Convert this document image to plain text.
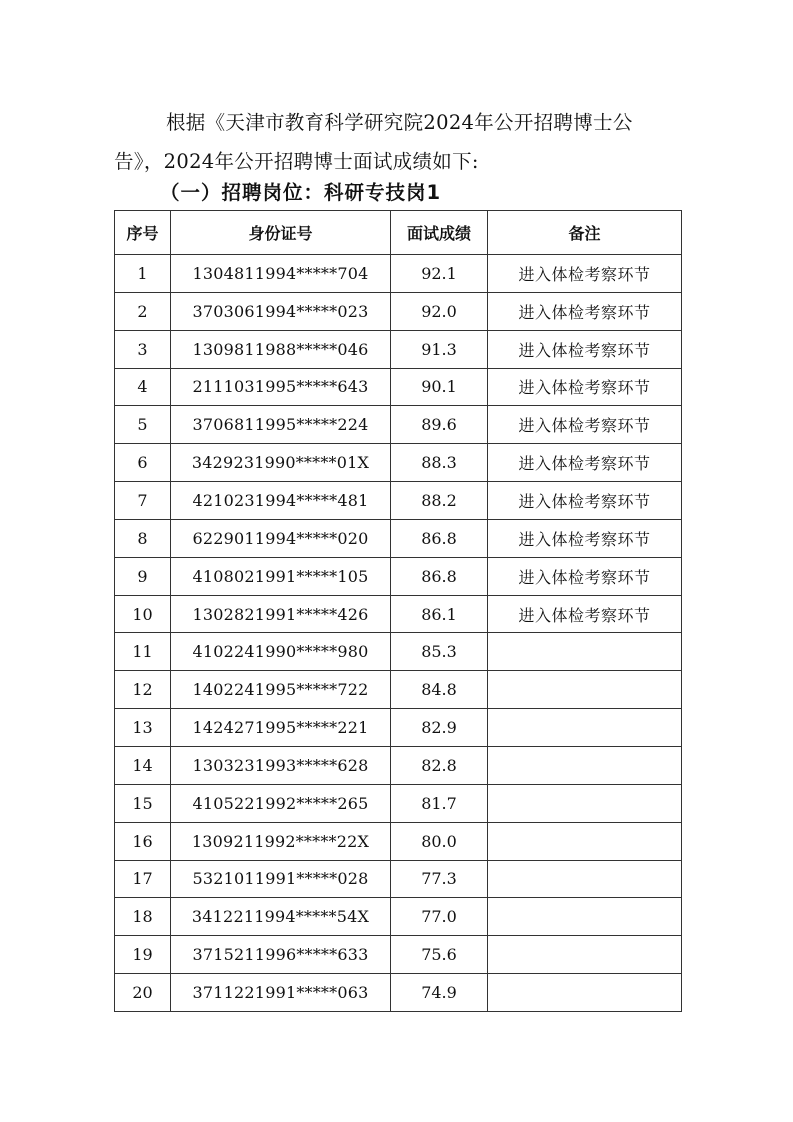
根据《天津市教育科学研究院2024年公开招聘博士公告》，2024年公开招聘博士面试成绩如下:

（一）招聘岗位：科研专技岗1
序号	身份证号	面试成绩	备注
1	1304811994*****704	92.1	进入体检考察环节
2	3703061994*****023	92.0	进入体检考察环节
3	1309811988*****046	91.3	进入体检考察环节
4	2111031995*****643	90.1	进入体检考察环节
5	3706811995*****224	89.6	进入体检考察环节
6	3429231990*****01X	88.3	进入体检考察环节
7	4210231994*****481	88.2	进入体检考察环节
8	6229011994*****020	86.8	进入体检考察环节
9	4108021991*****105	86.8	进入体检考察环节
10	1302821991*****426	86.1	进入体检考察环节
11	4102241990*****980	85.3	
12	1402241995*****722	84.8	
13	1424271995*****221	82.9	
14	1303231993*****628	82.8	
15	4105221992*****265	81.7	
16	1309211992*****22X	80.0	
17	5321011991*****028	77.3	
18	3412211994*****54X	77.0	
19	3715211996*****633	75.6	
20	3711221991*****063	74.9	
